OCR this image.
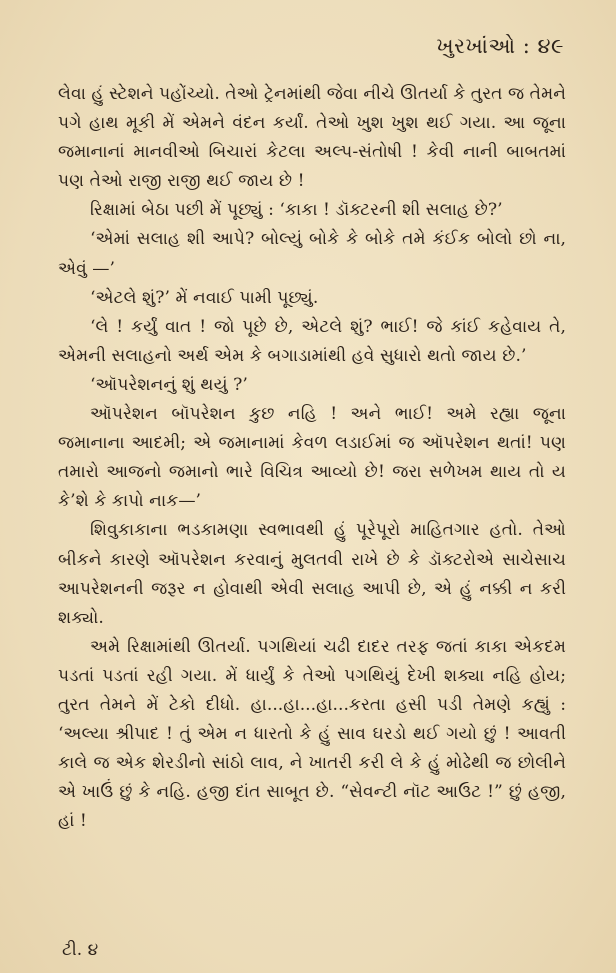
ખુરખાંઓ : ૪૯

લેવા હું સ્ટેશને પહોંચ્યો. તેઓ ટ્રેનમાંથી જેવા નીચે ઊતર્યા કે તુરત જ તેમને પગે હાથ મૂકી મેં એમને વંદન કર્યાં. તેઓ ખુશ ખુશ થઈ ગયા. આ જૂના જમાનાનાં માનવીઓ બિચારાં કેટલા અલ્પ-સંતોષી ! કેવી નાની બાબતમાં પણ તેઓ રાજી રાજી થઈ જાય છે !

રિક્ષામાં બેઠા પછી મેં પૂછ્યું : ‘કાકા ! ડૉક્ટરની શી સલાહ છે?’

‘એમાં સલાહ શી આપે? બોલ્યું બોકે કે બોકે તમે કંઈક બોલો છો ના, એવું —’

‘એટલે શું?’ મેં નવાઈ પામી પૂછ્યું.

‘લે ! કર્યું વાત ! જો પૂછે છે, એટલે શું? ભાઈ! જે કાંઈ કહેવાય તે, એમની સલાહનો અર્થ એમ કે બગાડામાંથી હવે સુધારો થતો જાય છે.’

‘ઑપરેશનનું શું થયું ?’

ઑપરેશન બૉપરેશન કુછ નહિ ! અને ભાઈ! અમે રહ્યા જૂના જમાનાના આદમી; એ જમાનામાં કેવળ લડાઈમાં જ ઑપરેશન થતાં! પણ તમારો આજનો જમાનો ભારે વિચિત્ર આવ્યો છે! જરા સળેખમ થાય તો ય કે’શે કે કાપો નાક—’

શિવુકાકાના ભડકામણા સ્વભાવથી હું પૂરેપૂરો માહિતગાર હતો. તેઓ બીકને કારણે ઑપરેશન કરવાનું મુલતવી રાખે છે કે ડૉક્ટરોએ સાચેસાચ આપરેશનની જરૂર ન હોવાથી એવી સલાહ આપી છે, એ હું નક્કી ન કરી શક્યો.

અમે રિક્ષામાંથી ઊતર્યા. પગથિયાં ચઢી દાદર તરફ જતાં કાકા એકદમ પડતાં પડતાં રહી ગયા. મેં ધાર્યું કે તેઓ પગથિયું દેખી શક્યા નહિ હોય; તુરત તેમને મેં ટેકો દીધો. હા...હા...હા...કરતા હસી પડી તેમણે કહ્યું : ‘અલ્યા શ્રીપાદ ! તું એમ ન ધારતો કે હું સાવ ઘરડો થઈ ગયો છું ! આવતી કાલે જ એક શેરડીનો સાંઠો લાવ, ને ખાતરી કરી લે કે હું મોઢેથી જ છોલીને એ ખાઉં છું કે નહિ. હજી દાંત સાબૂત છે. “સેવન્ટી નૉટ આઉટ !” છું હજી, હાં !

ટી. ૪
